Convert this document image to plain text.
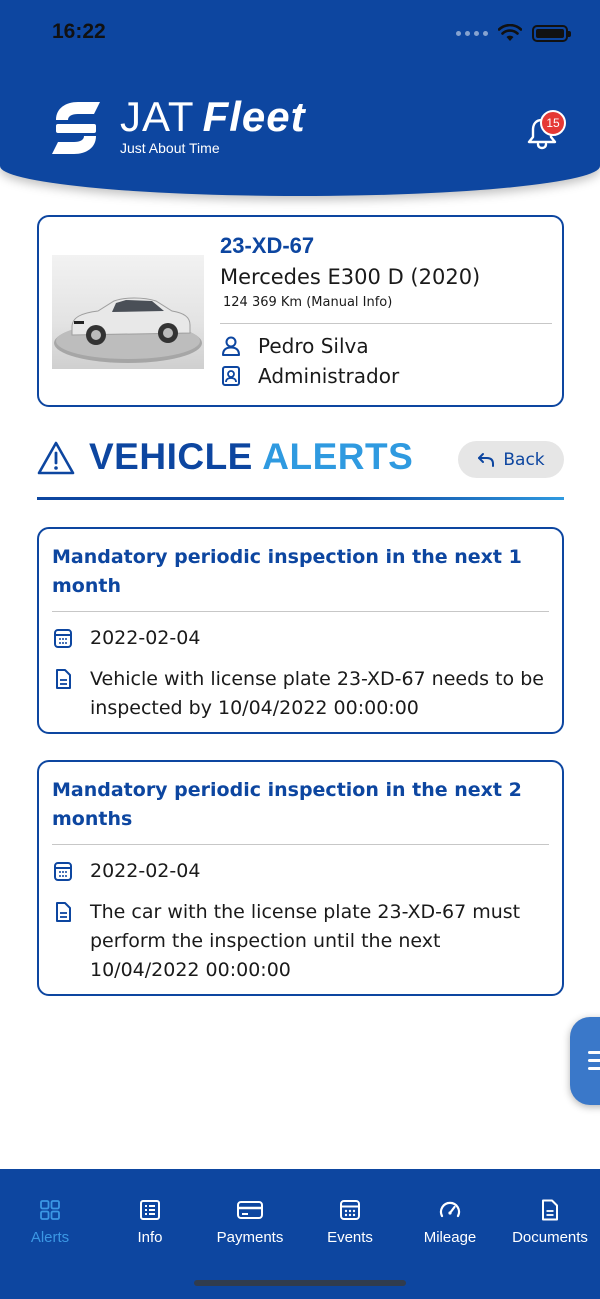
16:22
JAT Fleet
Just About Time
15
23-XD-67
Mercedes E300 D (2020)
124 369 Km (Manual Info)
Pedro Silva
Administrador
VEHICLE ALERTS	Back
Mandatory periodic inspection in the next 1 month
2022-02-04
Vehicle with license plate 23-XD-67 needs to be inspected by 10/04/2022 00:00:00
Mandatory periodic inspection in the next 2 months
2022-02-04
The car with the license plate 23-XD-67 must perform the inspection until the next 10/04/2022 00:00:00
Alerts	Info	Payments	Events	Mileage	Documents
